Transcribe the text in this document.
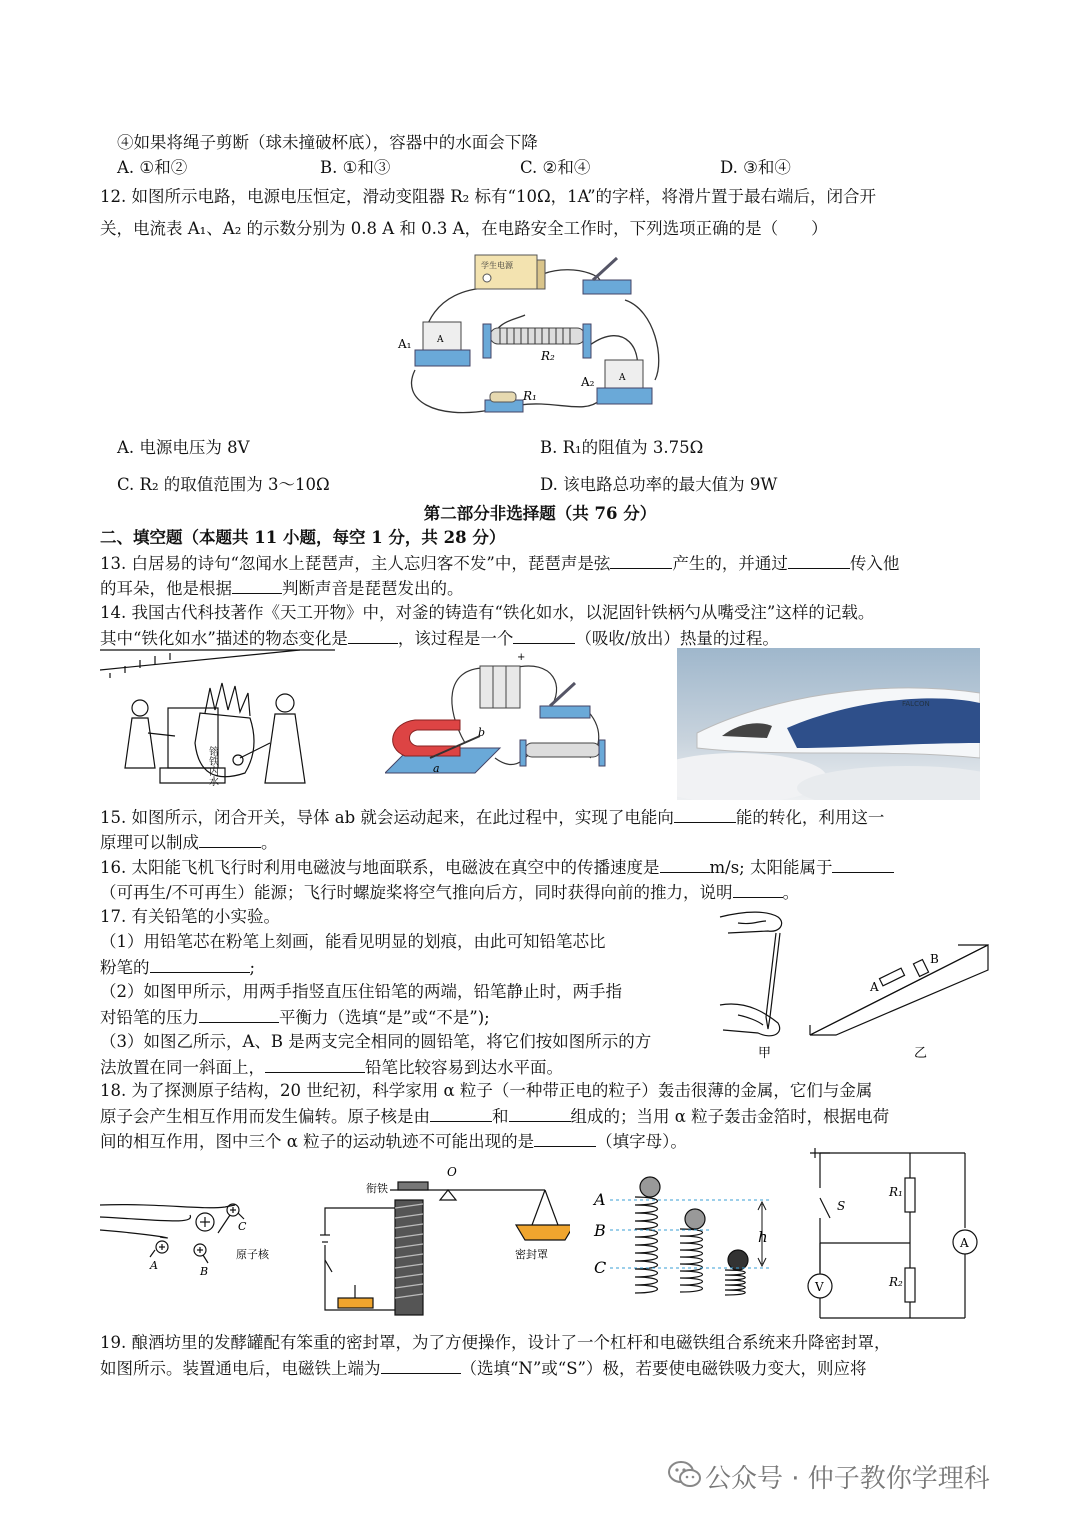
④如果将绳子剪断（球未撞破杯底），容器中的水面会下降
A. ①和②	B. ①和③	C. ②和④	D. ③和④
12. 如图所示电路，电源电压恒定，滑动变阻器 R₂ 标有“10Ω，1A”的字样，将滑片置于最右端后，闭合开
关，电流表 A₁、A₂ 的示数分别为 0.8 A 和 0.3 A，在电路安全工作时，下列选项正确的是（　　）
学生电源
R₂
A
A₁
A
A₂
R₁
A. 电源电压为 8V	B. R₁的阻值为 3.75Ω
C. R₂ 的取值范围为 3～10Ω	D. 该电路总功率的最大值为 9W
第二部分非选择题（共 76 分）
二、填空题（本题共 11 小题，每空 1 分，共 28 分）
13. 白居易的诗句“忽闻水上琵琶声，主人忘归客不发”中，琵琶声是弦	产生的，并通过	传入他
的耳朵，他是根据	判断声音是琵琶发出的。
14. 我国古代科技著作《天工开物》中，对釜的铸造有“铁化如水，以泥固针铁柄勺从嘴受注”这样的记载。
其中“铁化如水”描述的物态变化是	，该过程是一个	（吸收/放出）热量的过程。
镕铁内水
+
a
b
FALCON
15. 如图所示，闭合开关，导体 ab 就会运动起来，在此过程中，实现了电能向	能的转化，利用这一
原理可以制成	。
16. 太阳能飞机飞行时利用电磁波与地面联系，电磁波在真空中的传播速度是	m/s; 太阳能属于
（可再生/不可再生）能源；飞行时螺旋桨将空气推向后方，同时获得向前的推力，说明	。
17. 有关铅笔的小实验。
（1）用铅笔芯在粉笔上刻画，能看见明显的划痕，由此可知铅笔芯比
粉笔的	;
（2）如图甲所示，用两手指竖直压住铅笔的两端，铅笔静止时，两手指
对铅笔的压力	平衡力（选填“是”或“不是”);
（3）如图乙所示，A、B 是两支完全相同的圆铅笔，将它们按如图所示的方
法放置在同一斜面上，	铅笔比较容易到达水平面。
甲
A
B
乙
18. 为了探测原子结构，20 世纪初，科学家用 α 粒子（一种带正电的粒子）轰击很薄的金属，它们与金属
原子会产生相互作用而发生偏转。原子核是由	和	组成的；当用 α 粒子轰击金箔时，根据电荷
间的相互作用，图中三个 α 粒子的运动轨迹不可能出现的是	（填字母）。
C
A	B
原子核
O
衔铁
密封罩
A
B
C
h
S
R₁
R₂
A
V
19. 酿酒坊里的发酵罐配有笨重的密封罩，为了方便操作，设计了一个杠杆和电磁铁组合系统来升降密封罩，
如图所示。装置通电后，电磁铁上端为	（选填“N”或“S”）极，若要使电磁铁吸力变大，则应将
公众号 · 仲子教你学理科
